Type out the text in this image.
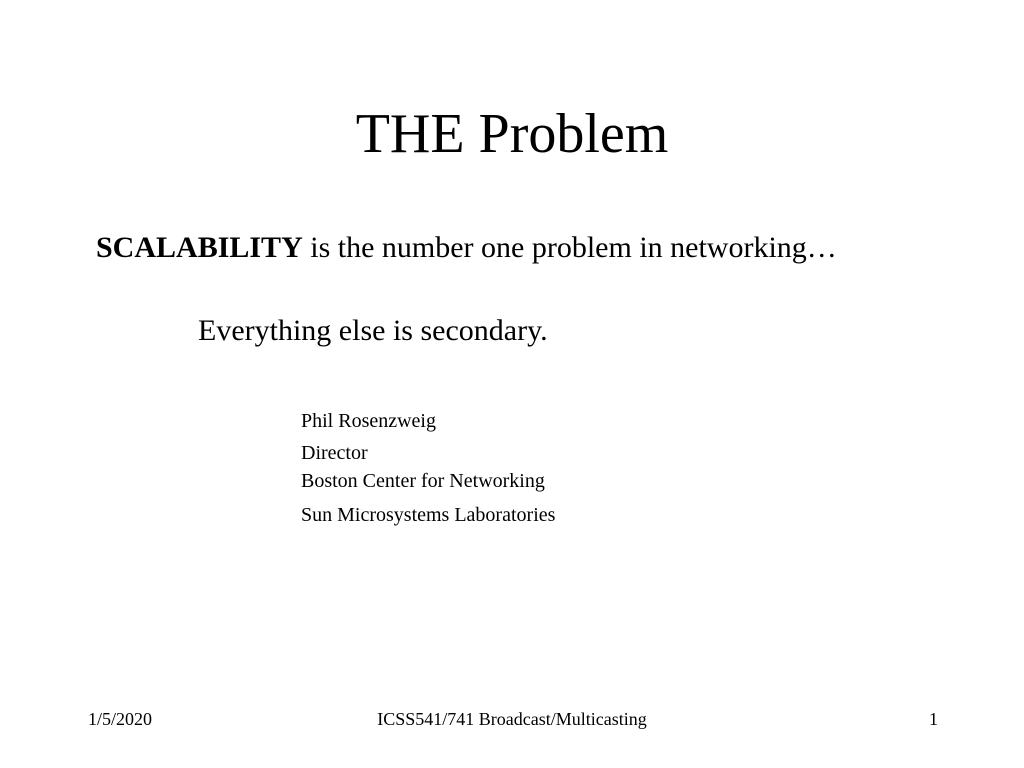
THE Problem
SCALABILITY is the number one problem in networking…
Everything else is secondary.
Phil Rosenzweig
Director
Boston Center for Networking
Sun Microsystems Laboratories
1/5/2020	ICSS541/741 Broadcast/Multicasting	1
